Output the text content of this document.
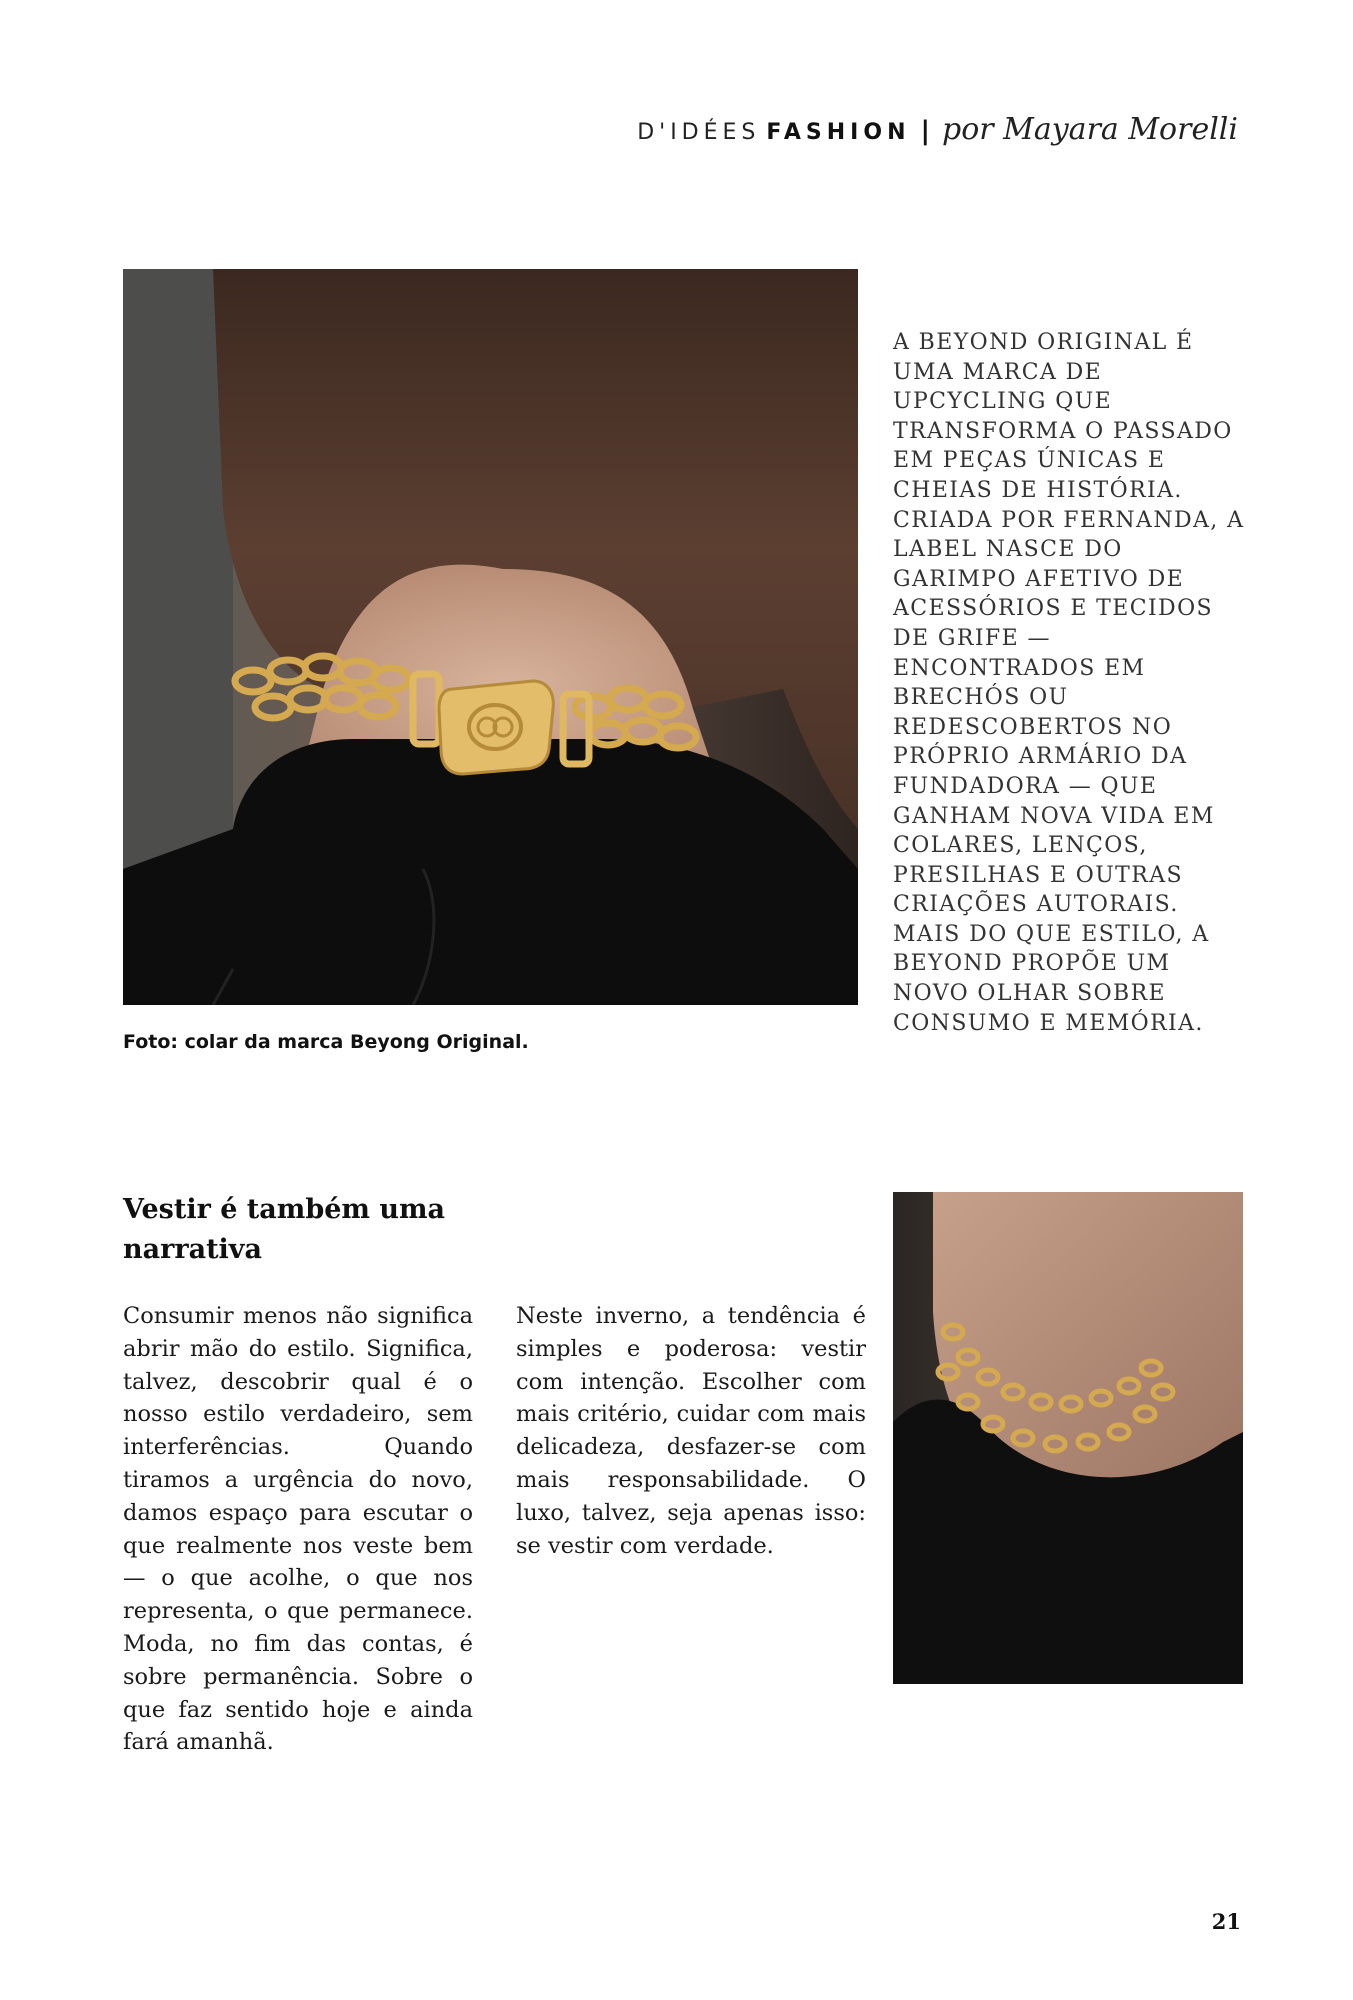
D'IDÉES FASHION | por Mayara Morelli
A BEYOND ORIGINAL É UMA MARCA DE UPCYCLING QUE TRANSFORMA O PASSADO EM PEÇAS ÚNICAS E CHEIAS DE HISTÓRIA. CRIADA POR FERNANDA, A LABEL NASCE DO GARIMPO AFETIVO DE ACESSÓRIOS E TECIDOS DE GRIFE — ENCONTRADOS EM BRECHÓS OU REDESCOBERTOS NO PRÓPRIO ARMÁRIO DA FUNDADORA — QUE GANHAM NOVA VIDA EM COLARES, LENÇOS, PRESILHAS E OUTRAS CRIAÇÕES AUTORAIS. MAIS DO QUE ESTILO, A BEYOND PROPÕE UM NOVO OLHAR SOBRE CONSUMO E MEMÓRIA.
Foto: colar da marca Beyong Original.
Vestir é também uma narrativa
Consumir menos não significa abrir mão do estilo. Significa, talvez, descobrir qual é o nosso estilo verdadeiro, sem interferências. Quando tiramos a urgência do novo, damos espaço para escutar o que realmente nos veste bem — o que acolhe, o que nos representa, o que permanece. Moda, no fim das contas, é sobre permanência. Sobre o que faz sentido hoje e ainda fará amanhã.
Neste inverno, a tendência é simples e poderosa: vestir com intenção. Escolher com mais critério, cuidar com mais delicadeza, desfazer-se com mais responsabilidade. O luxo, talvez, seja apenas isso: se vestir com verdade.
21
